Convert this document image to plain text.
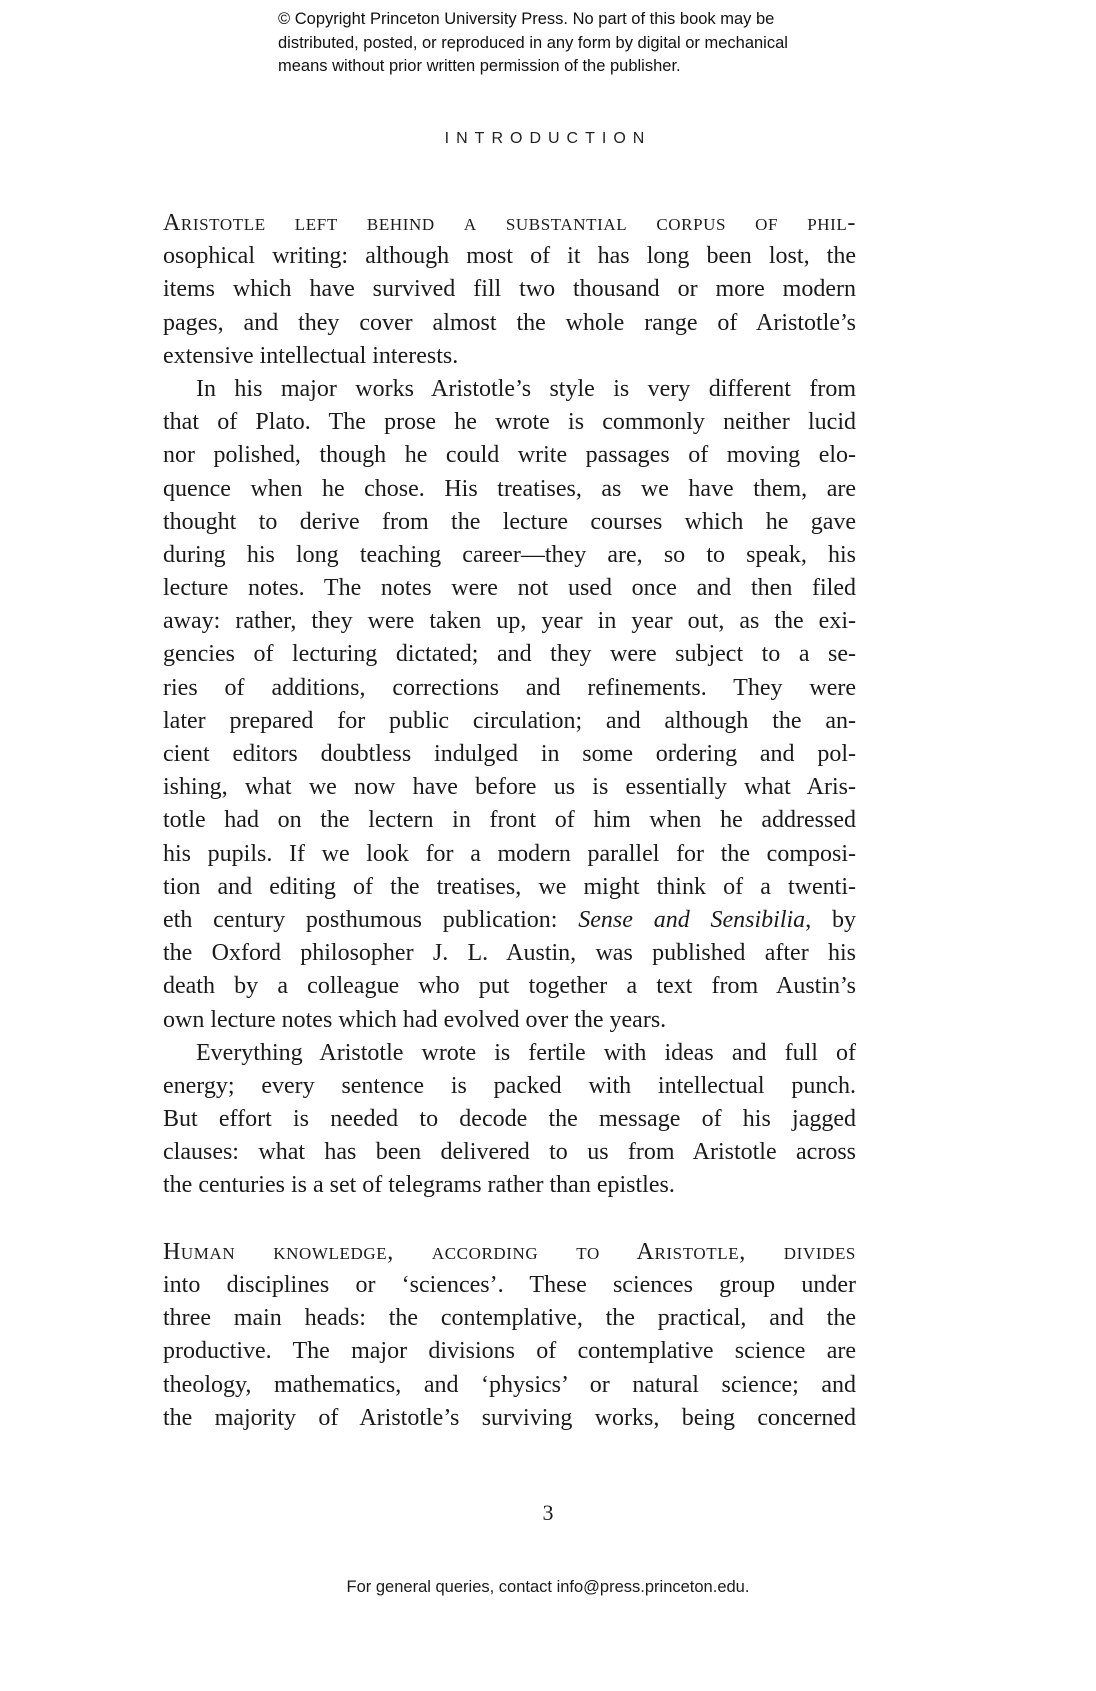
© Copyright Princeton University Press. No part of this book may be
distributed, posted, or reproduced in any form by digital or mechanical
means without prior written permission of the publisher.
INTRODUCTION
Aristotle left behind a substantial corpus of phil-
osophical writing: although most of it has long been lost, the
items which have survived fill two thousand or more modern
pages, and they cover almost the whole range of Aristotle’s
extensive intellectual interests.
In his major works Aristotle’s style is very different from
that of Plato. The prose he wrote is commonly neither lucid
nor polished, though he could write passages of moving elo-
quence when he chose. His treatises, as we have them, are
thought to derive from the lecture courses which he gave
during his long teaching career—they are, so to speak, his
lecture notes. The notes were not used once and then filed
away: rather, they were taken up, year in year out, as the exi-
gencies of lecturing dictated; and they were subject to a se-
ries of additions, corrections and refinements. They were
later prepared for public circulation; and although the an-
cient editors doubtless indulged in some ordering and pol-
ishing, what we now have before us is essentially what Aris-
totle had on the lectern in front of him when he addressed
his pupils. If we look for a modern parallel for the composi-
tion and editing of the treatises, we might think of a twenti-
eth century posthumous publication: Sense and Sensibilia, by
the Oxford philosopher J. L. Austin, was published after his
death by a colleague who put together a text from Austin’s
own lecture notes which had evolved over the years.
Everything Aristotle wrote is fertile with ideas and full of
energy; every sentence is packed with intellectual punch.
But effort is needed to decode the message of his jagged
clauses: what has been delivered to us from Aristotle across
the centuries is a set of telegrams rather than epistles.
Human knowledge, according to Aristotle, divides
into disciplines or ‘sciences’. These sciences group under
three main heads: the contemplative, the practical, and the
productive. The major divisions of contemplative science are
theology, mathematics, and ‘physics’ or natural science; and
the majority of Aristotle’s surviving works, being concerned
3
For general queries, contact info@press.princeton.edu.
